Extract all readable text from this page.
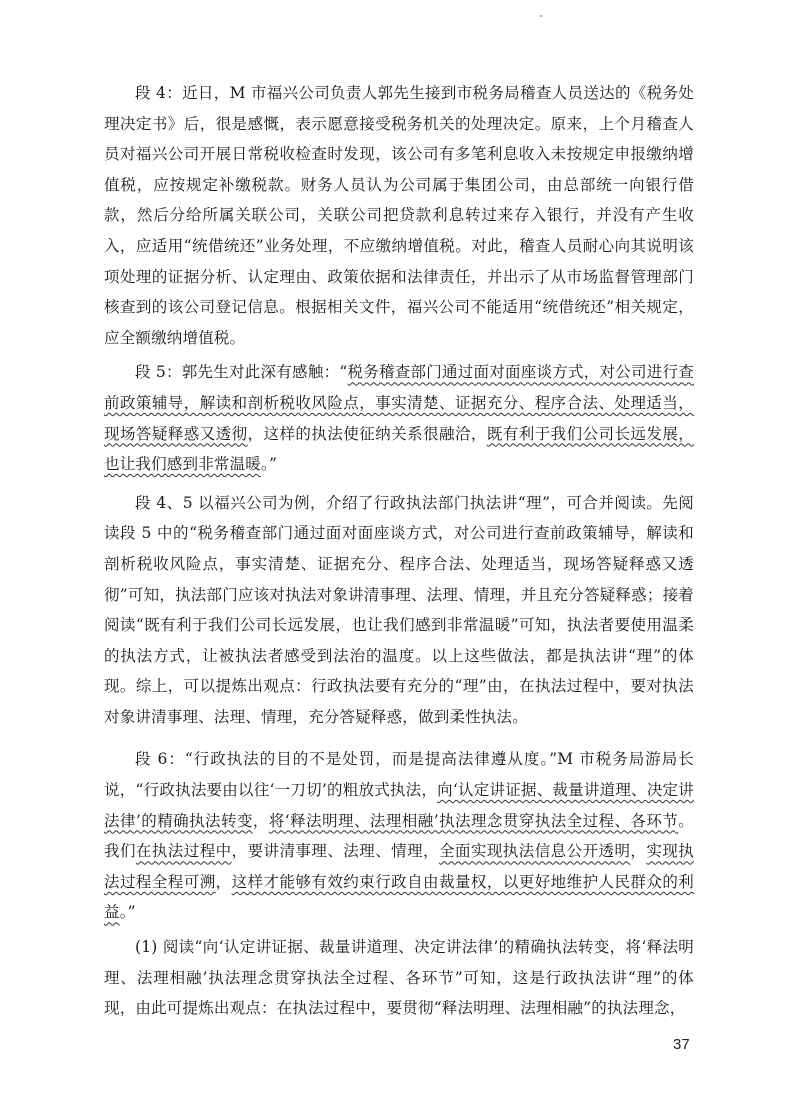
段 4：近日，M 市福兴公司负责人郭先生接到市税务局稽查人员送达的《税务处理决定书》后，很是感慨，表示愿意接受税务机关的处理决定。原来，上个月稽查人员对福兴公司开展日常税收检查时发现，该公司有多笔利息收入未按规定申报缴纳增值税，应按规定补缴税款。财务人员认为公司属于集团公司，由总部统一向银行借款，然后分给所属关联公司，关联公司把贷款利息转过来存入银行，并没有产生收入，应适用“统借统还”业务处理，不应缴纳增值税。对此，稽查人员耐心向其说明该项处理的证据分析、认定理由、政策依据和法律责任，并出示了从市场监督管理部门核查到的该公司登记信息。根据相关文件，福兴公司不能适用“统借统还”相关规定，应全额缴纳增值税。

段 5：郭先生对此深有感触：“税务稽查部门通过面对面座谈方式，对公司进行查前政策辅导，解读和剖析税收风险点，事实清楚、证据充分、程序合法、处理适当，现场答疑释惑又透彻，这样的执法使征纳关系很融洽，既有利于我们公司长远发展，也让我们感到非常温暖。”

段 4、5 以福兴公司为例，介绍了行政执法部门执法讲“理”，可合并阅读。先阅读段 5 中的“税务稽查部门通过面对面座谈方式，对公司进行查前政策辅导，解读和剖析税收风险点，事实清楚、证据充分、程序合法、处理适当，现场答疑释惑又透彻”可知，执法部门应该对执法对象讲清事理、法理、情理，并且充分答疑释惑；接着阅读“既有利于我们公司长远发展，也让我们感到非常温暖”可知，执法者要使用温柔的执法方式，让被执法者感受到法治的温度。以上这些做法，都是执法讲“理”的体现。综上，可以提炼出观点：行政执法要有充分的“理”由，在执法过程中，要对执法对象讲清事理、法理、情理，充分答疑释惑，做到柔性执法。

段 6：“行政执法的目的不是处罚，而是提高法律遵从度。”M 市税务局游局长说，“行政执法要由以往‘一刀切’的粗放式执法，向‘认定讲证据、裁量讲道理、决定讲法律’的精确执法转变，将‘释法明理、法理相融’执法理念贯穿执法全过程、各环节。我们在执法过程中，要讲清事理、法理、情理，全面实现执法信息公开透明，实现执法过程全程可溯，这样才能够有效约束行政自由裁量权，以更好地维护人民群众的利益。”

(1) 阅读“向‘认定讲证据、裁量讲道理、决定讲法律’的精确执法转变，将‘释法明理、法理相融’执法理念贯穿执法全过程、各环节”可知，这是行政执法讲“理”的体现，由此可提炼出观点：在执法过程中，要贯彻“释法明理、法理相融”的执法理念，

37
